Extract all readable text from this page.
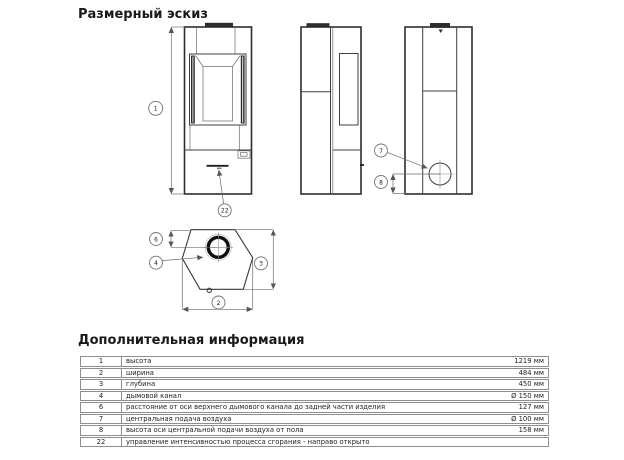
Размерный эскиз
1
22
7
8
6
4	3
2
Дополнительная информация
1	высота	1219 мм
2	ширина	484 мм
3	глубина	450 мм
4	дымовой канал	Ø 150 мм
6	расстояние от оси верхнего дымового канала до задней части изделия	127 мм
7	центральная подача воздуха	Ø 100 мм
8	высота оси центральной подачи воздуха от пола	158 мм
22	управление интенсивностью процесса сгорания - направо открыто	
